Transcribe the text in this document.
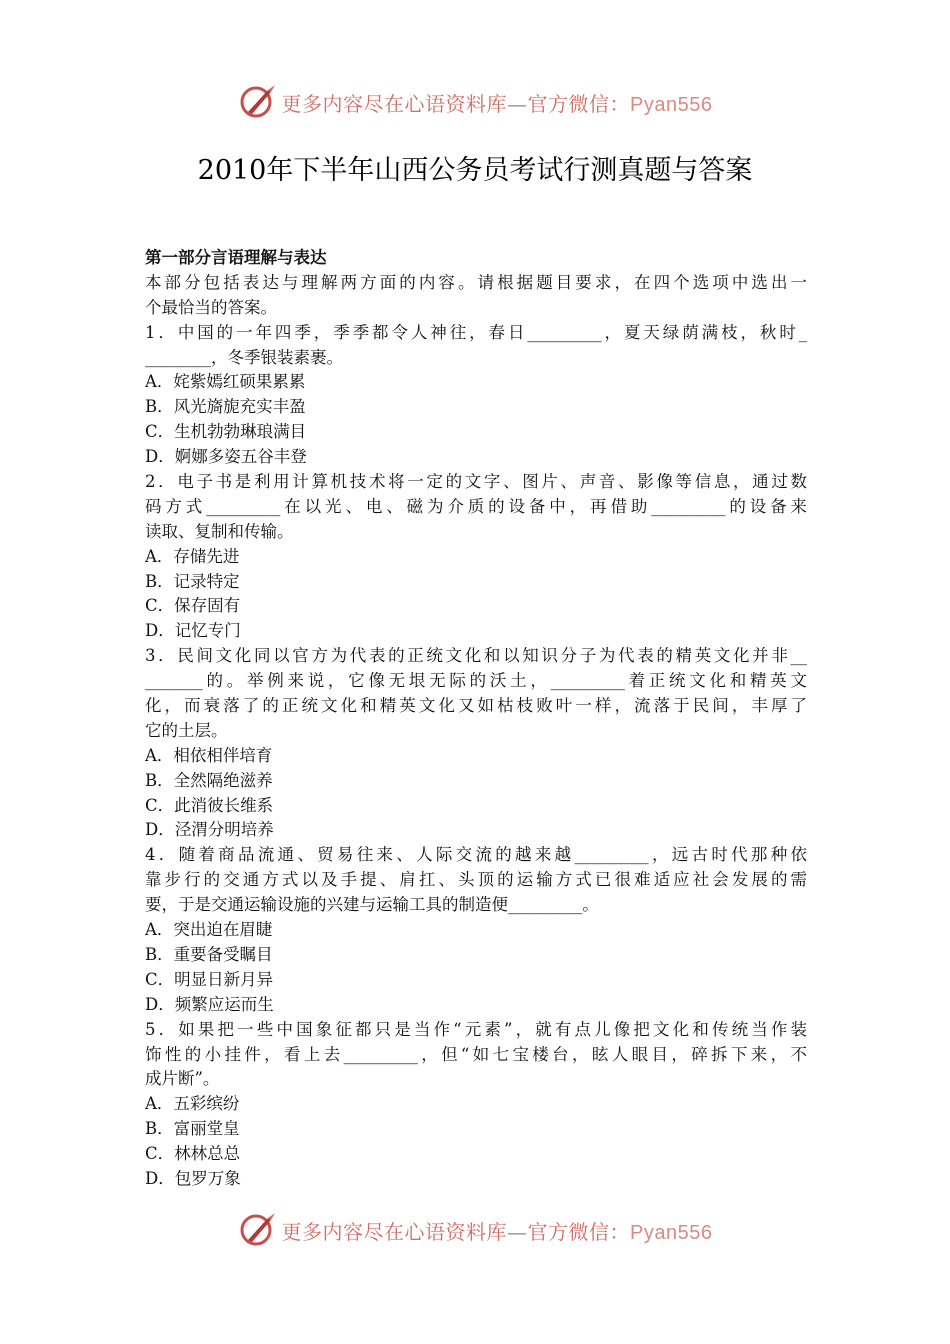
更多内容尽在心语资料库—官方微信：Pyan556
2010年下半年山西公务员考试行测真题与答案
第一部分言语理解与表达
本部分包括表达与理解两方面的内容。请根据题目要求，在四个选项中选出一
个最恰当的答案。
1．中国的一年四季，季季都令人神往，春日_________，夏天绿荫满枝，秋时_
________，冬季银装素裹。
A．姹紫嫣红硕果累累
B．风光旖旎充实丰盈
C．生机勃勃琳琅满目
D．婀娜多姿五谷丰登
2．电子书是利用计算机技术将一定的文字、图片、声音、影像等信息，通过数
码方式_________在以光、电、磁为介质的设备中，再借助_________的设备来
读取、复制和传输。
A．存储先进
B．记录特定
C．保存固有
D．记忆专门
3．民间文化同以官方为代表的正统文化和以知识分子为代表的精英文化并非__
_______的。举例来说，它像无垠无际的沃土，_________着正统文化和精英文
化，而衰落了的正统文化和精英文化又如枯枝败叶一样，流落于民间，丰厚了
它的土层。
A．相依相伴培育
B．全然隔绝滋养
C．此消彼长维系
D．泾渭分明培养
4．随着商品流通、贸易往来、人际交流的越来越_________，远古时代那种依
靠步行的交通方式以及手提、肩扛、头顶的运输方式已很难适应社会发展的需
要，于是交通运输设施的兴建与运输工具的制造便_________。
A．突出迫在眉睫
B．重要备受瞩目
C．明显日新月异
D．频繁应运而生
5．如果把一些中国象征都只是当作“元素”，就有点儿像把文化和传统当作装
饰性的小挂件，看上去_________，但“如七宝楼台，眩人眼目，碎拆下来，不
成片断”。
A．五彩缤纷
B．富丽堂皇
C．林林总总
D．包罗万象
更多内容尽在心语资料库—官方微信：Pyan556
